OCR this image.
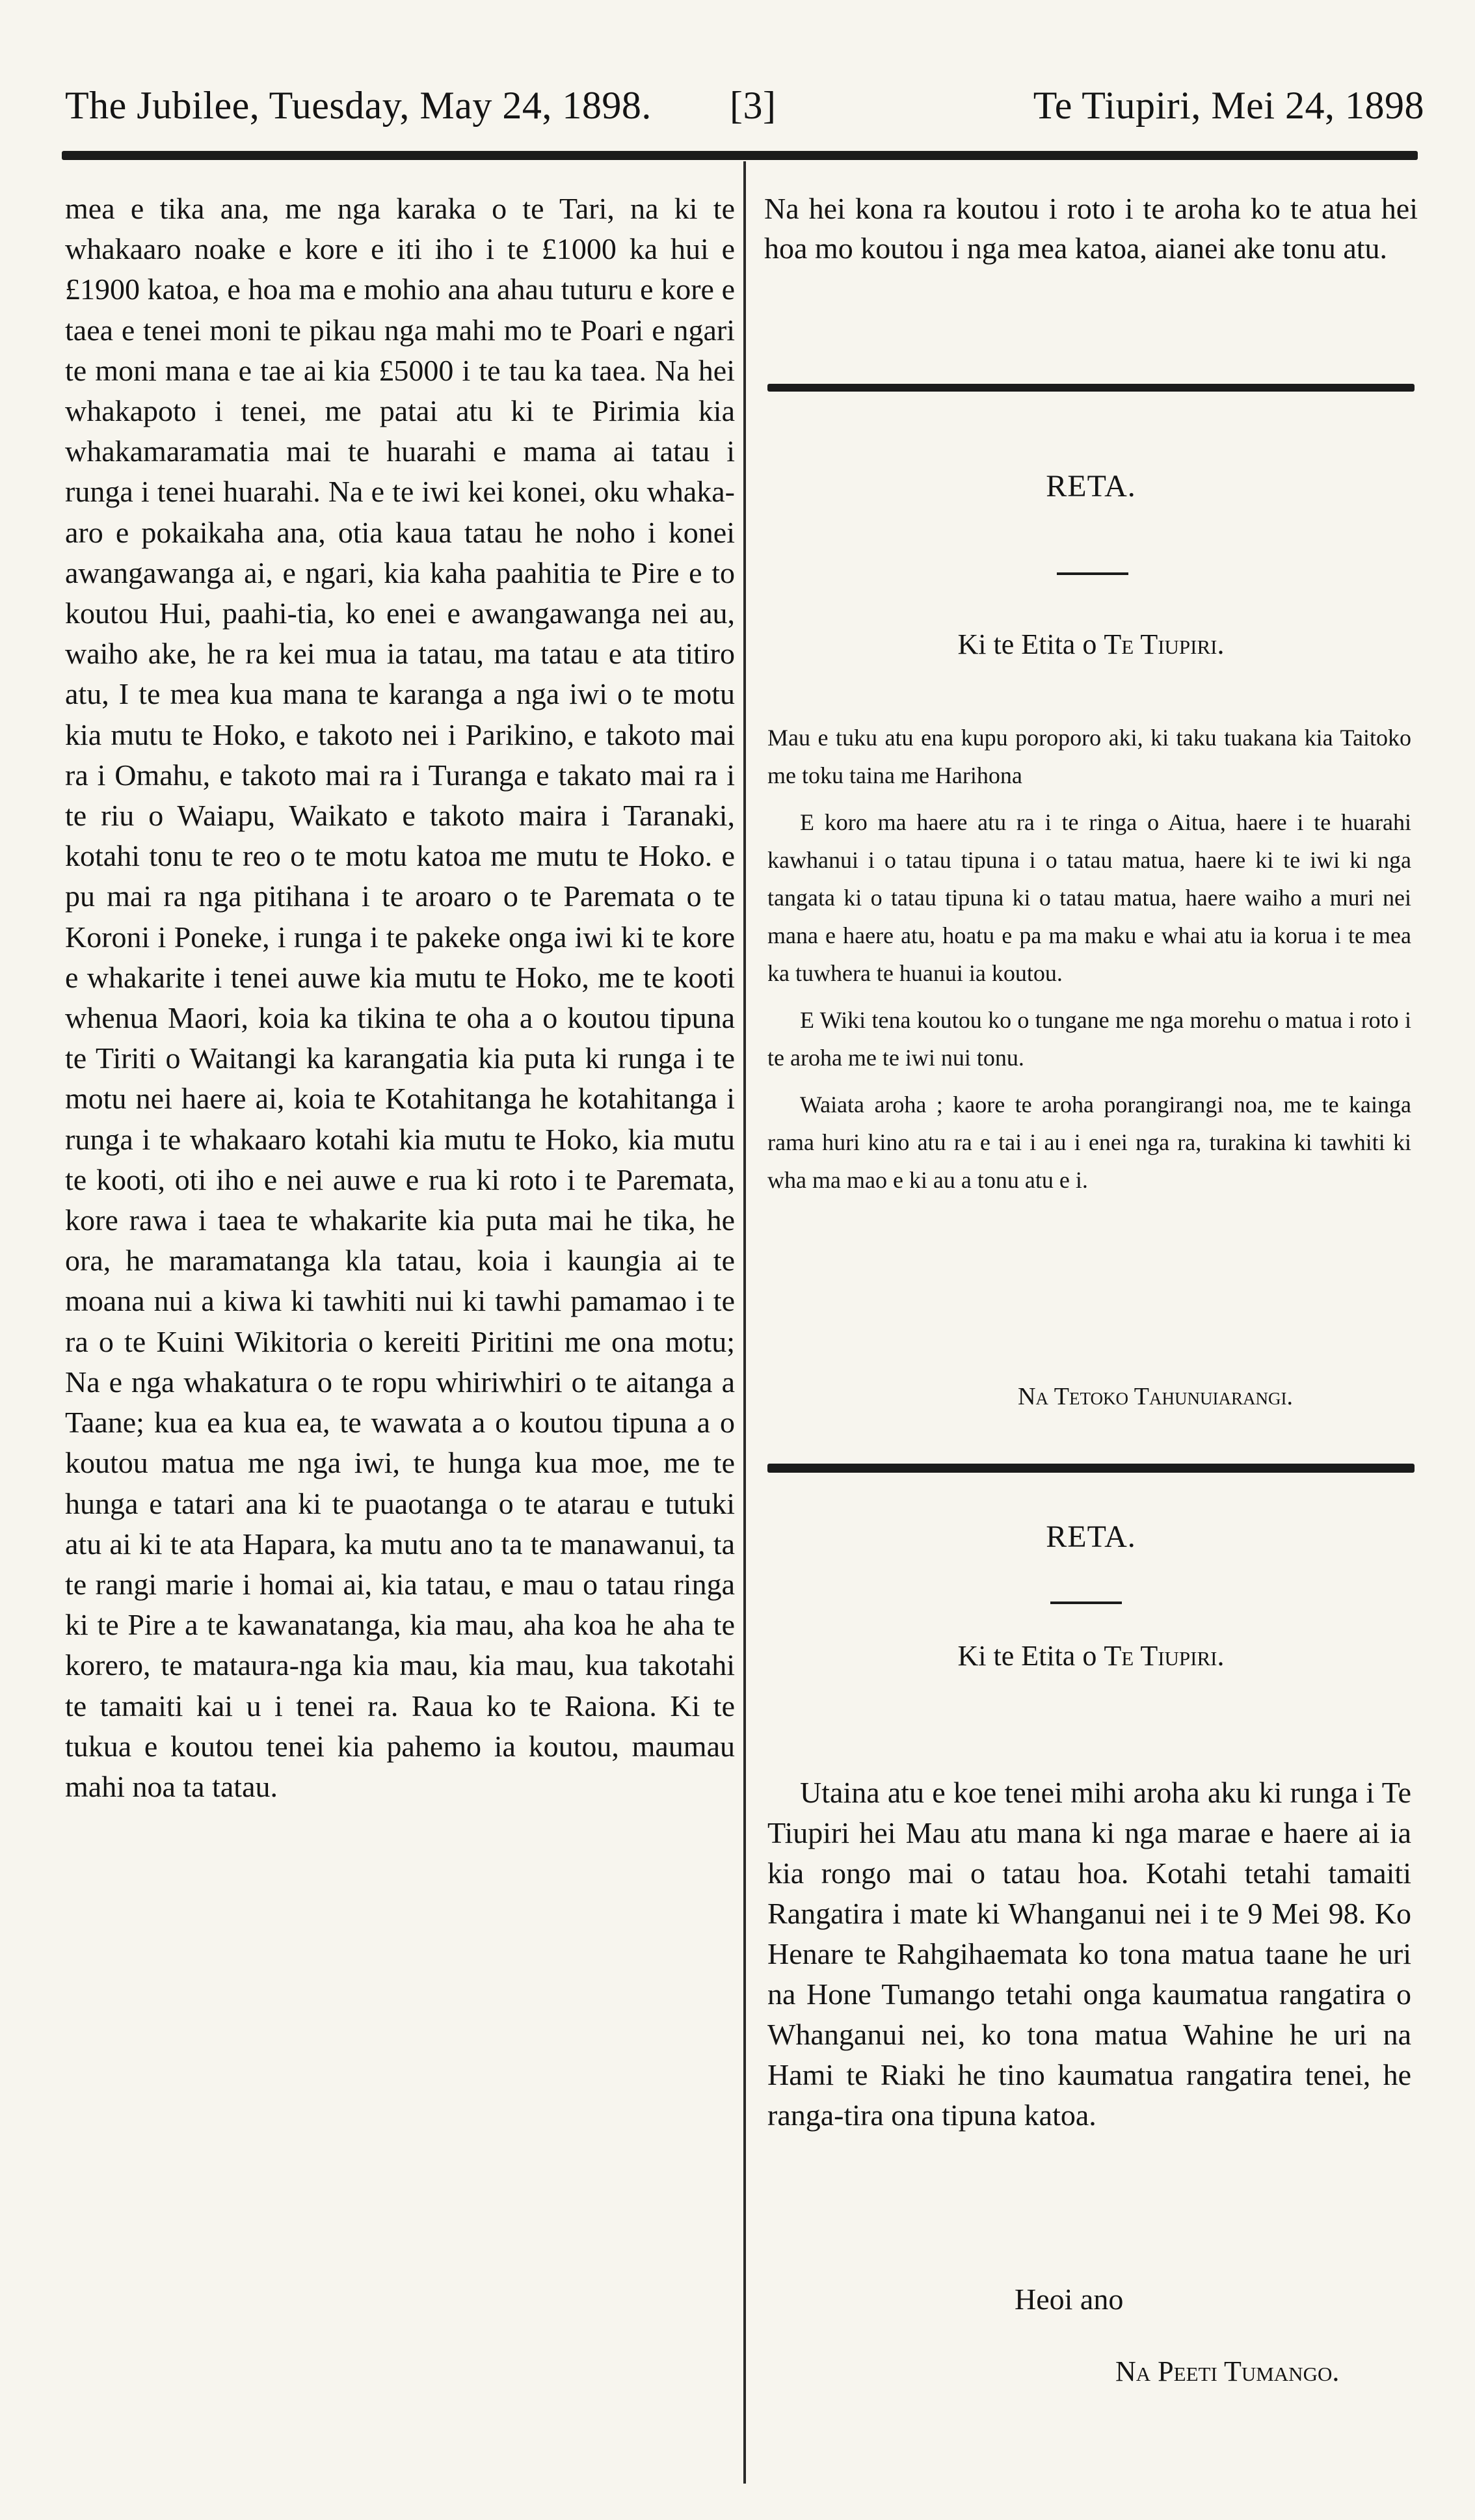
The Jubilee, Tuesday, May 24, 1898. [3]	Te Tiupiri, Mei 24, 1898

mea e tika ana, me nga karaka o te Tari, na ki te whakaaro noake e kore e iti iho i te £1000 ka hui e £1900 katoa, e hoa ma e mohio ana ahau tuturu e kore e taea e tenei moni te pikau nga mahi mo te Poari e ngari te moni mana e tae ai kia £5000 i te tau ka taea. Na hei whakapoto i tenei, me patai atu ki te Pirimia kia whakamaramatia mai te huarahi e mama ai tatau i runga i tenei huarahi. Na e te iwi kei konei, oku whaka-aro e pokaikaha ana, otia kaua tatau he noho i konei awangawanga ai, e ngari, kia kaha paahitia te Pire e to koutou Hui, paahi-tia, ko enei e awangawanga nei au, waiho ake, he ra kei mua ia tatau, ma tatau e ata titiro atu, I te mea kua mana te karanga a nga iwi o te motu kia mutu te Hoko, e takoto nei i Parikino, e takoto mai ra i Omahu, e takoto mai ra i Turanga e takato mai ra i te riu o Waiapu, Waikato e takoto maira i Taranaki, kotahi tonu te reo o te motu katoa me mutu te Hoko. e pu mai ra nga pitihana i te aroaro o te Paremata o te Koroni i Poneke, i runga i te pakeke onga iwi ki te kore e whakarite i tenei auwe kia mutu te Hoko, me te kooti whenua Maori, koia ka tikina te oha a o koutou tipuna te Tiriti o Waitangi ka karangatia kia puta ki runga i te motu nei haere ai, koia te Kotahitanga he kotahitanga i runga i te whakaaro kotahi kia mutu te Hoko, kia mutu te kooti, oti iho e nei auwe e rua ki roto i te Paremata, kore rawa i taea te whakarite kia puta mai he tika, he ora, he maramatanga kla tatau, koia i kaungia ai te moana nui a kiwa ki tawhiti nui ki tawhi pamamao i te ra o te Kuini Wikitoria o kereiti Piritini me ona motu; Na e nga whakatura o te ropu whiriwhiri o te aitanga a Taane; kua ea kua ea, te wawata a o koutou tipuna a o koutou matua me nga iwi, te hunga kua moe, me te hunga e tatari ana ki te puaotanga o te atarau e tutuki atu ai ki te ata Hapara, ka mutu ano ta te manawanui, ta te rangi marie i homai ai, kia tatau, e mau o tatau ringa ki te Pire a te kawanatanga, kia mau, aha koa he aha te korero, te mataura-nga kia mau, kia mau, kua takotahi te tamaiti kai u i tenei ra. Raua ko te Raiona. Ki te tukua e koutou tenei kia pahemo ia koutou, maumau mahi noa ta tatau.

Na hei kona ra koutou i roto i te aroha ko te atua hei hoa mo koutou i nga mea katoa, aianei ake tonu atu.

RETA.
Ki te Etita o Te Tiupiri.

Mau e tuku atu ena kupu poroporo aki, ki taku tuakana kia Taitoko me toku taina me Harihona

E koro ma haere atu ra i te ringa o Aitua, haere i te huarahi kawhanui i o tatau tipuna i o tatau matua, haere ki te iwi ki nga tangata ki o tatau tipuna ki o tatau matua, haere waiho a muri nei mana e haere atu, hoatu e pa ma maku e whai atu ia korua i te mea ka tuwhera te huanui ia koutou.

E Wiki tena koutou ko o tungane me nga morehu o matua i roto i te aroha me te iwi nui tonu.

Waiata aroha ; kaore te aroha porangirangi noa, me te kainga rama huri kino atu ra e tai i au i enei nga ra, turakina ki tawhiti ki wha ma mao e ki au a tonu atu e i.

Na Tetoko Tahunuiarangi.
RETA.
Ki te Etita o Te Tiupiri.

Utaina atu e koe tenei mihi aroha aku ki runga i Te Tiupiri hei Mau atu mana ki nga marae e haere ai ia kia rongo mai o tatau hoa. Kotahi tetahi tamaiti Rangatira i mate ki Whanganui nei i te 9 Mei 98. Ko Henare te Rahgihaemata ko tona matua taane he uri na Hone Tumango tetahi onga kaumatua rangatira o Whanganui nei, ko tona matua Wahine he uri na Hami te Riaki he tino kaumatua rangatira tenei, he ranga-tira ona tipuna katoa.

Heoi ano
Na Peeti Tumango.
